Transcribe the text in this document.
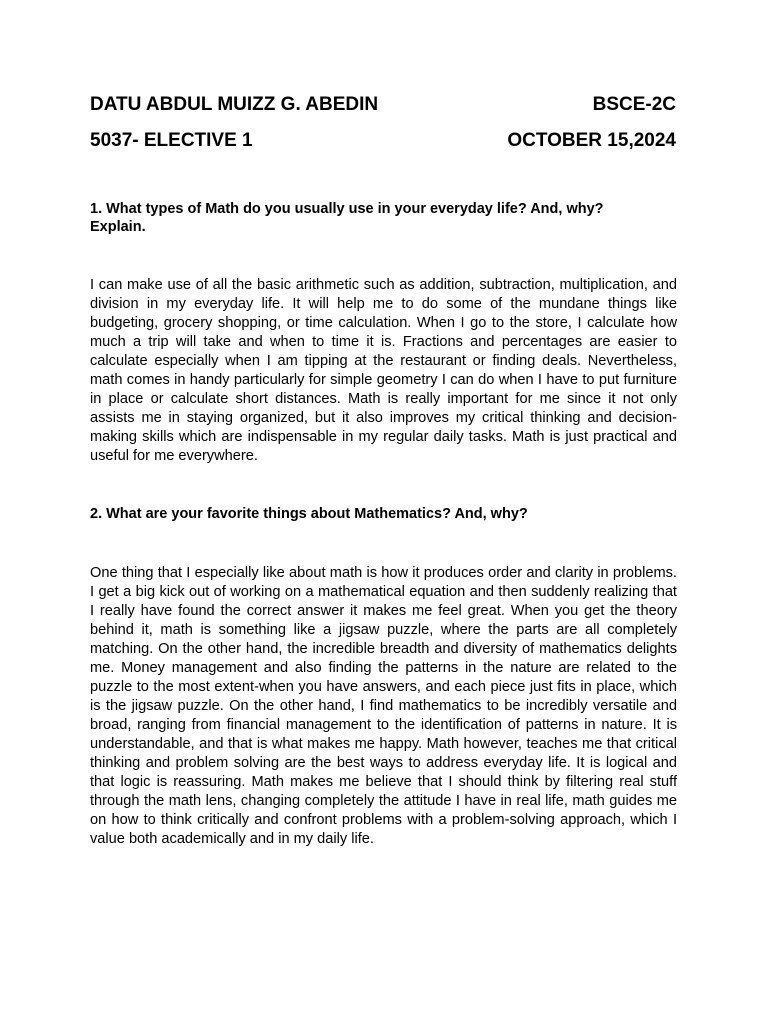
DATU ABDUL MUIZZ G. ABEDIN	BSCE-2C
5037- ELECTIVE 1	OCTOBER 15,2024
1. What types of Math do you usually use in your everyday life? And, why? Explain.

I can make use of all the basic arithmetic such as addition, subtraction, multiplication, and division in my everyday life. It will help me to do some of the mundane things like budgeting, grocery shopping, or time calculation. When I go to the store, I calculate how much a trip will take and when to time it is. Fractions and percentages are easier to calculate especially when I am tipping at the restaurant or finding deals. Nevertheless, math comes in handy particularly for simple geometry I can do when I have to put furniture in place or calculate short distances. Math is really important for me since it not only assists me in staying organized, but it also improves my critical thinking and decision-making skills which are indispensable in my regular daily tasks. Math is just practical and useful for me everywhere.

2. What are your favorite things about Mathematics? And, why?

One thing that I especially like about math is how it produces order and clarity in problems. I get a big kick out of working on a mathematical equation and then suddenly realizing that I really have found the correct answer it makes me feel great. When you get the theory behind it, math is something like a jigsaw puzzle, where the parts are all completely matching. On the other hand, the incredible breadth and diversity of mathematics delights me. Money management and also finding the patterns in the nature are related to the puzzle to the most extent-when you have answers, and each piece just fits in place, which is the jigsaw puzzle. On the other hand, I find mathematics to be incredibly versatile and broad, ranging from financial management to the identification of patterns in nature. It is understandable, and that is what makes me happy. Math however, teaches me that critical thinking and problem solving are the best ways to address everyday life. It is logical and that logic is reassuring. Math makes me believe that I should think by filtering real stuff through the math lens, changing completely the attitude I have in real life, math guides me on how to think critically and confront problems with a problem-solving approach, which I value both academically and in my daily life.
